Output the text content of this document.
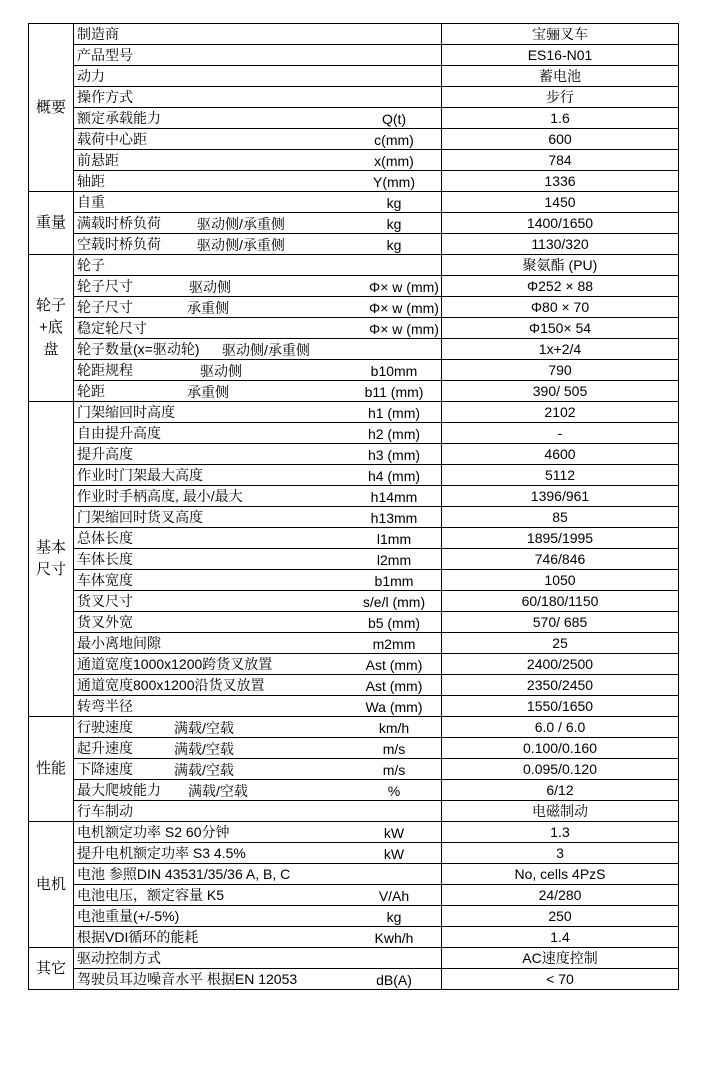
概要	制造商	宝骊叉车
	产品型号	ES16-N01
	动力	蓄电池
	操作方式	步行
	额定承载能力 Q(t)	1.6
	载荷中心距 c(mm)	600
	前悬距 x(mm)	784
	轴距 Y(mm)	1336
重量	自重 kg	1450
	满载时桥负荷 驱动侧/承重侧 kg	1400/1650
	空载时桥负荷 驱动侧/承重侧 kg	1130/320
轮子+底盘	轮子	聚氨酯 (PU)
	轮子尺寸 驱动侧 Φ× w (mm)	Φ252 × 88
	轮子尺寸 承重侧 Φ× w (mm)	Φ80 × 70
	稳定轮尺寸 Φ× w (mm)	Φ150× 54
	轮子数量(x=驱动轮) 驱动侧/承重侧	1x+2/4
	轮距规程 驱动侧 b10mm	790
	轮距 承重侧 b11 (mm)	390/ 505
基本尺寸	门架缩回时高度 h1 (mm)	2102
	自由提升高度 h2 (mm)	-
	提升高度 h3 (mm)	4600
	作业时门架最大高度 h4 (mm)	5112
	作业时手柄高度, 最小/最大 h14mm	1396/961
	门架缩回时货叉高度 h13mm	85
	总体长度 l1mm	1895/1995
	车体长度 l2mm	746/846
	车体宽度 b1mm	1050
	货叉尺寸 s/e/l (mm)	60/180/1150
	货叉外宽 b5 (mm)	570/ 685
	最小离地间隙 m2mm	25
	通道宽度1000x1200跨货叉放置 Ast (mm)	2400/2500
	通道宽度800x1200沿货叉放置 Ast (mm)	2350/2450
	转弯半径 Wa (mm)	1550/1650
性能	行驶速度 满载/空载 km/h	6.0 / 6.0
	起升速度 满载/空载 m/s	0.100/0.160
	下降速度 满载/空载 m/s	0.095/0.120
	最大爬坡能力 满载/空载 %	6/12
	行车制动	电磁制动
电机	电机额定功率 S2 60分钟 kW	1.3
	提升电机额定功率 S3 4.5% kW	3
	电池 参照DIN 43531/35/36 A, B, C	No, cells 4PzS
	电池电压，额定容量 K5 V/Ah	24/280
	电池重量(+/-5%) kg	250
	根据VDI循环的能耗 Kwh/h	1.4
其它	驱动控制方式	AC速度控制
	驾驶员耳边噪音水平 根据EN 12053 dB(A)	< 70
